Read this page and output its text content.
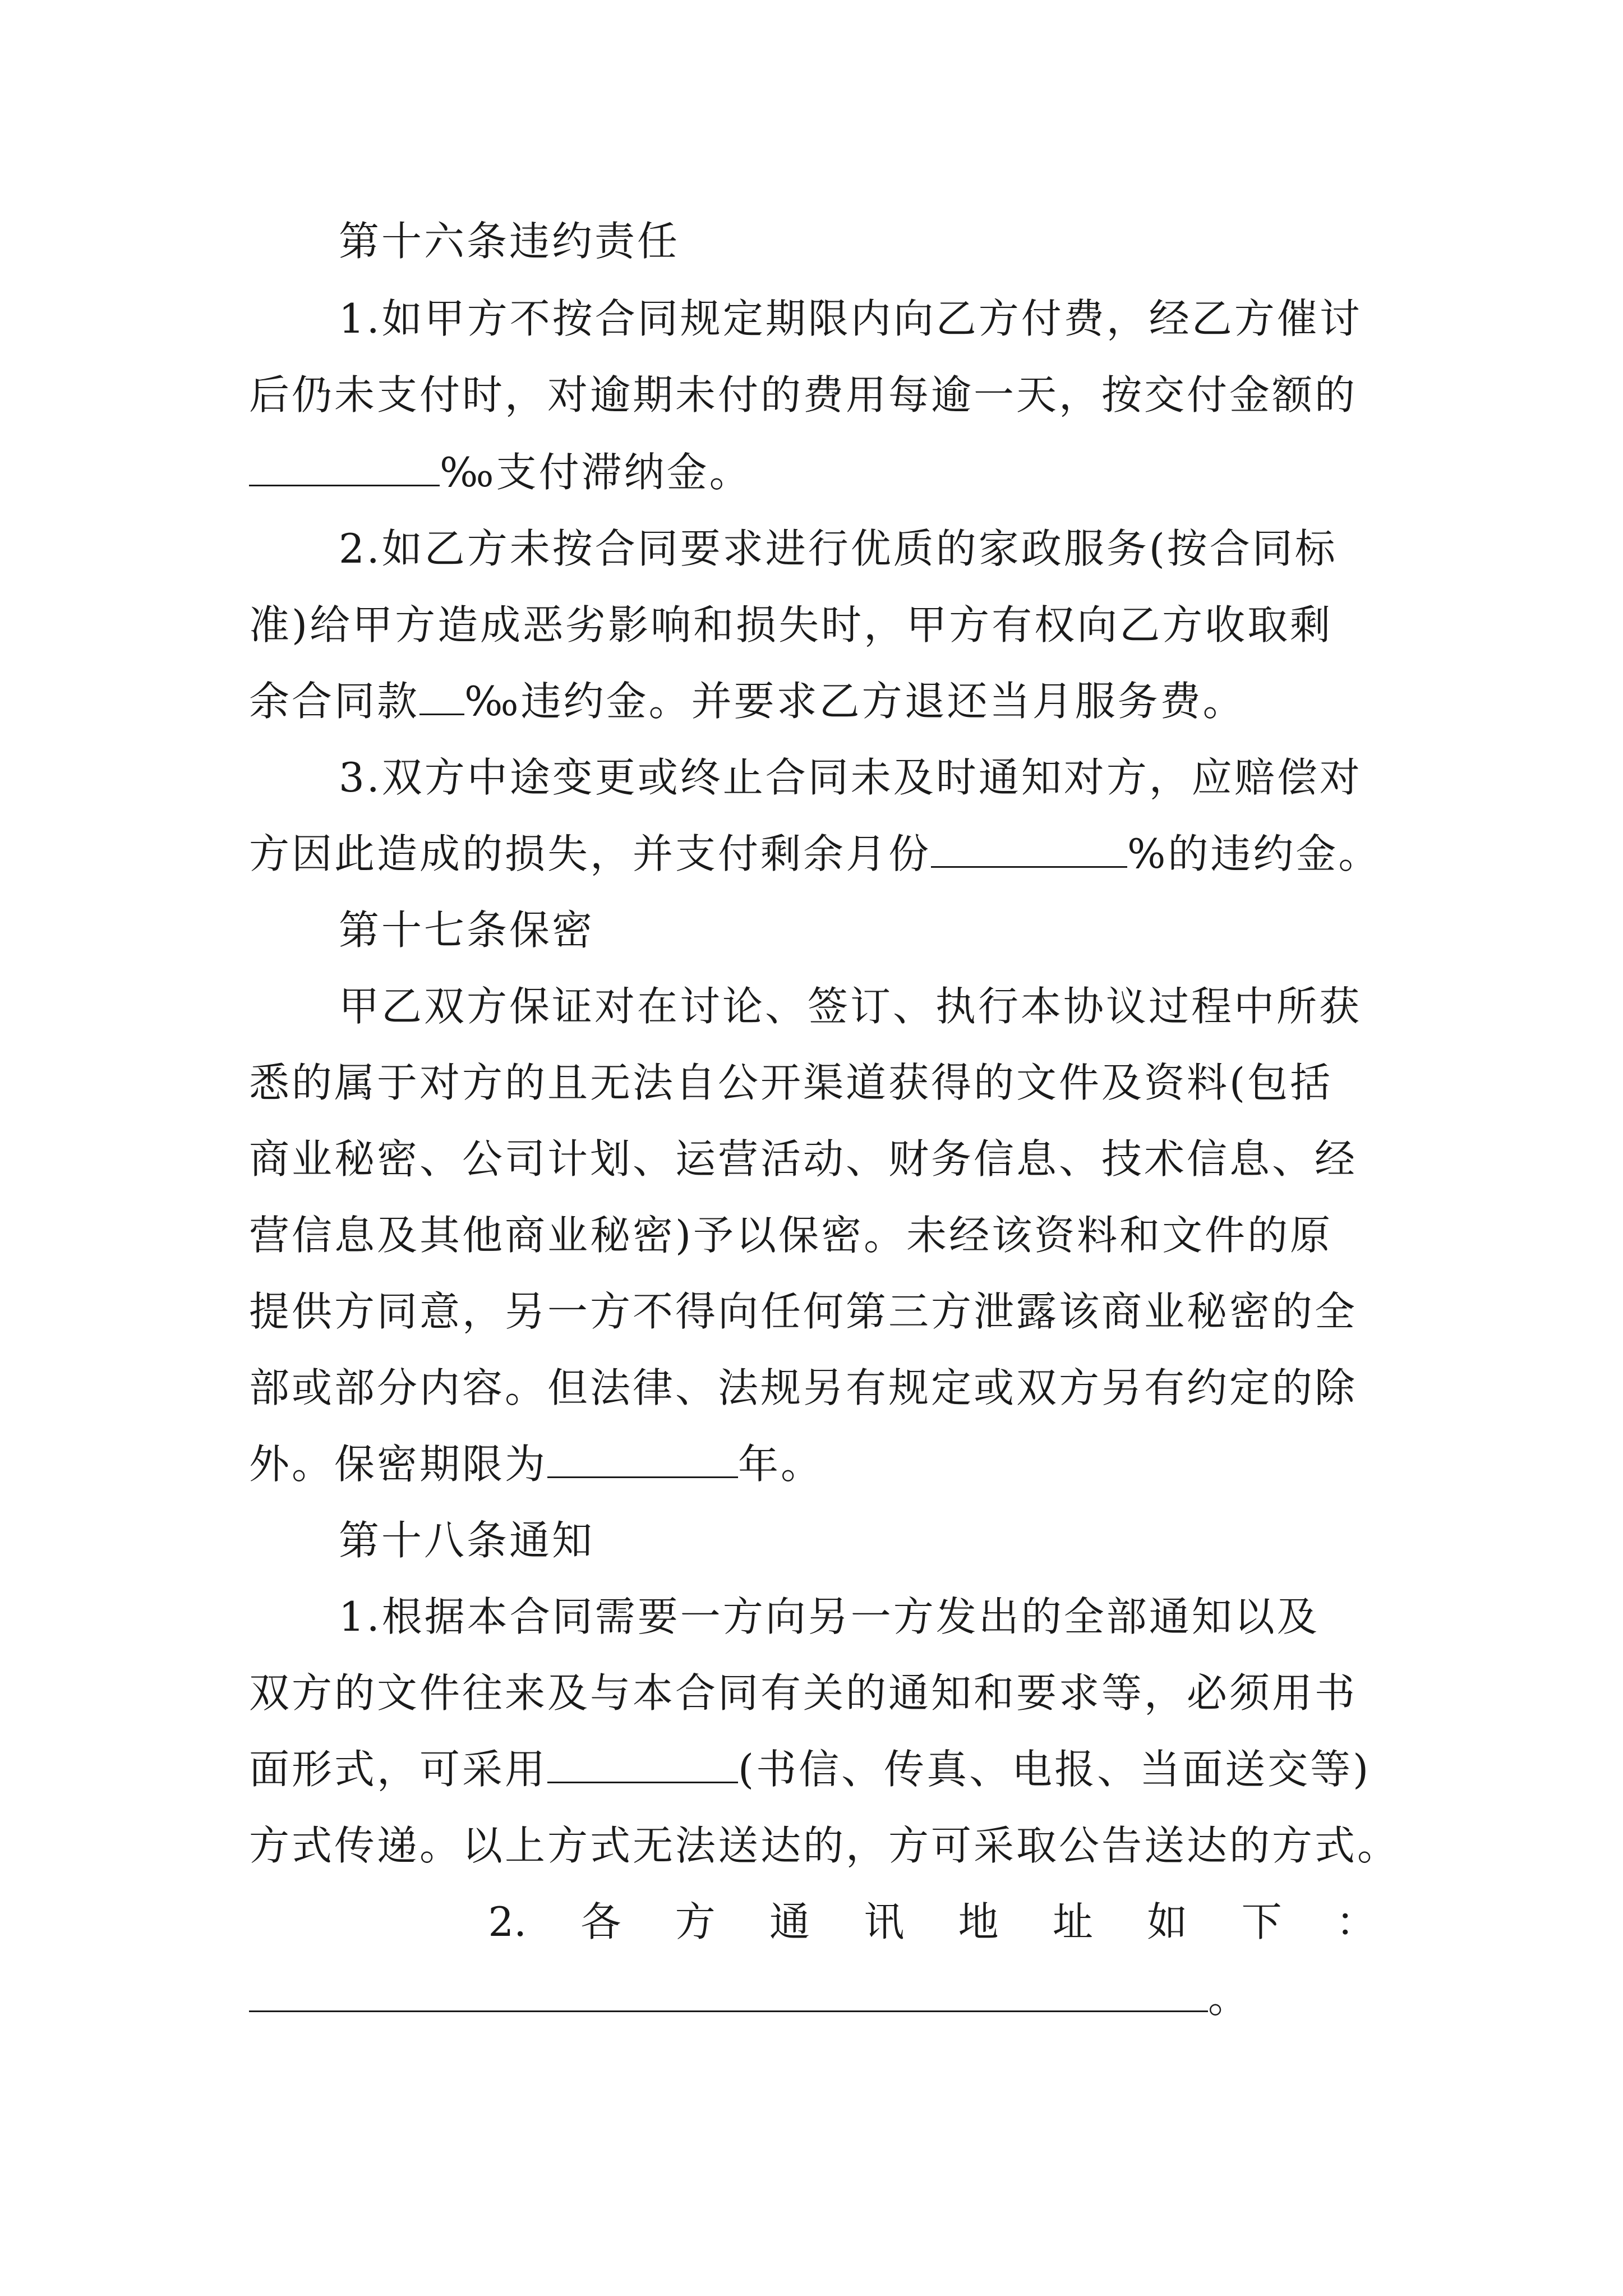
第十六条违约责任
1.如甲方不按合同规定期限内向乙方付费，经乙方催讨
后仍未支付时，对逾期未付的费用每逾一天，按交付金额的
‰支付滞纳金。
2.如乙方未按合同要求进行优质的家政服务(按合同标
准)给甲方造成恶劣影响和损失时，甲方有权向乙方收取剩
余合同款 ‰违约金。并要求乙方退还当月服务费。
3.双方中途变更或终止合同未及时通知对方，应赔偿对
方因此造成的损失，并支付剩余月份	%的违约金。
第十七条保密
甲乙双方保证对在讨论、签订、执行本协议过程中所获
悉的属于对方的且无法自公开渠道获得的文件及资料(包括
商业秘密、公司计划、运营活动、财务信息、技术信息、经
营信息及其他商业秘密)予以保密。未经该资料和文件的原
提供方同意，另一方不得向任何第三方泄露该商业秘密的全
部或部分内容。但法律、法规另有规定或双方另有约定的除
外。保密期限为	年。
第十八条通知
1.根据本合同需要一方向另一方发出的全部通知以及
双方的文件往来及与本合同有关的通知和要求等，必须用书
面形式，可采用	(书信、传真、电报、当面送交等)
方式传递。以上方式无法送达的，方可采取公告送达的方式。
2. 各 方 通 讯 地 址 如 下 ：
。
